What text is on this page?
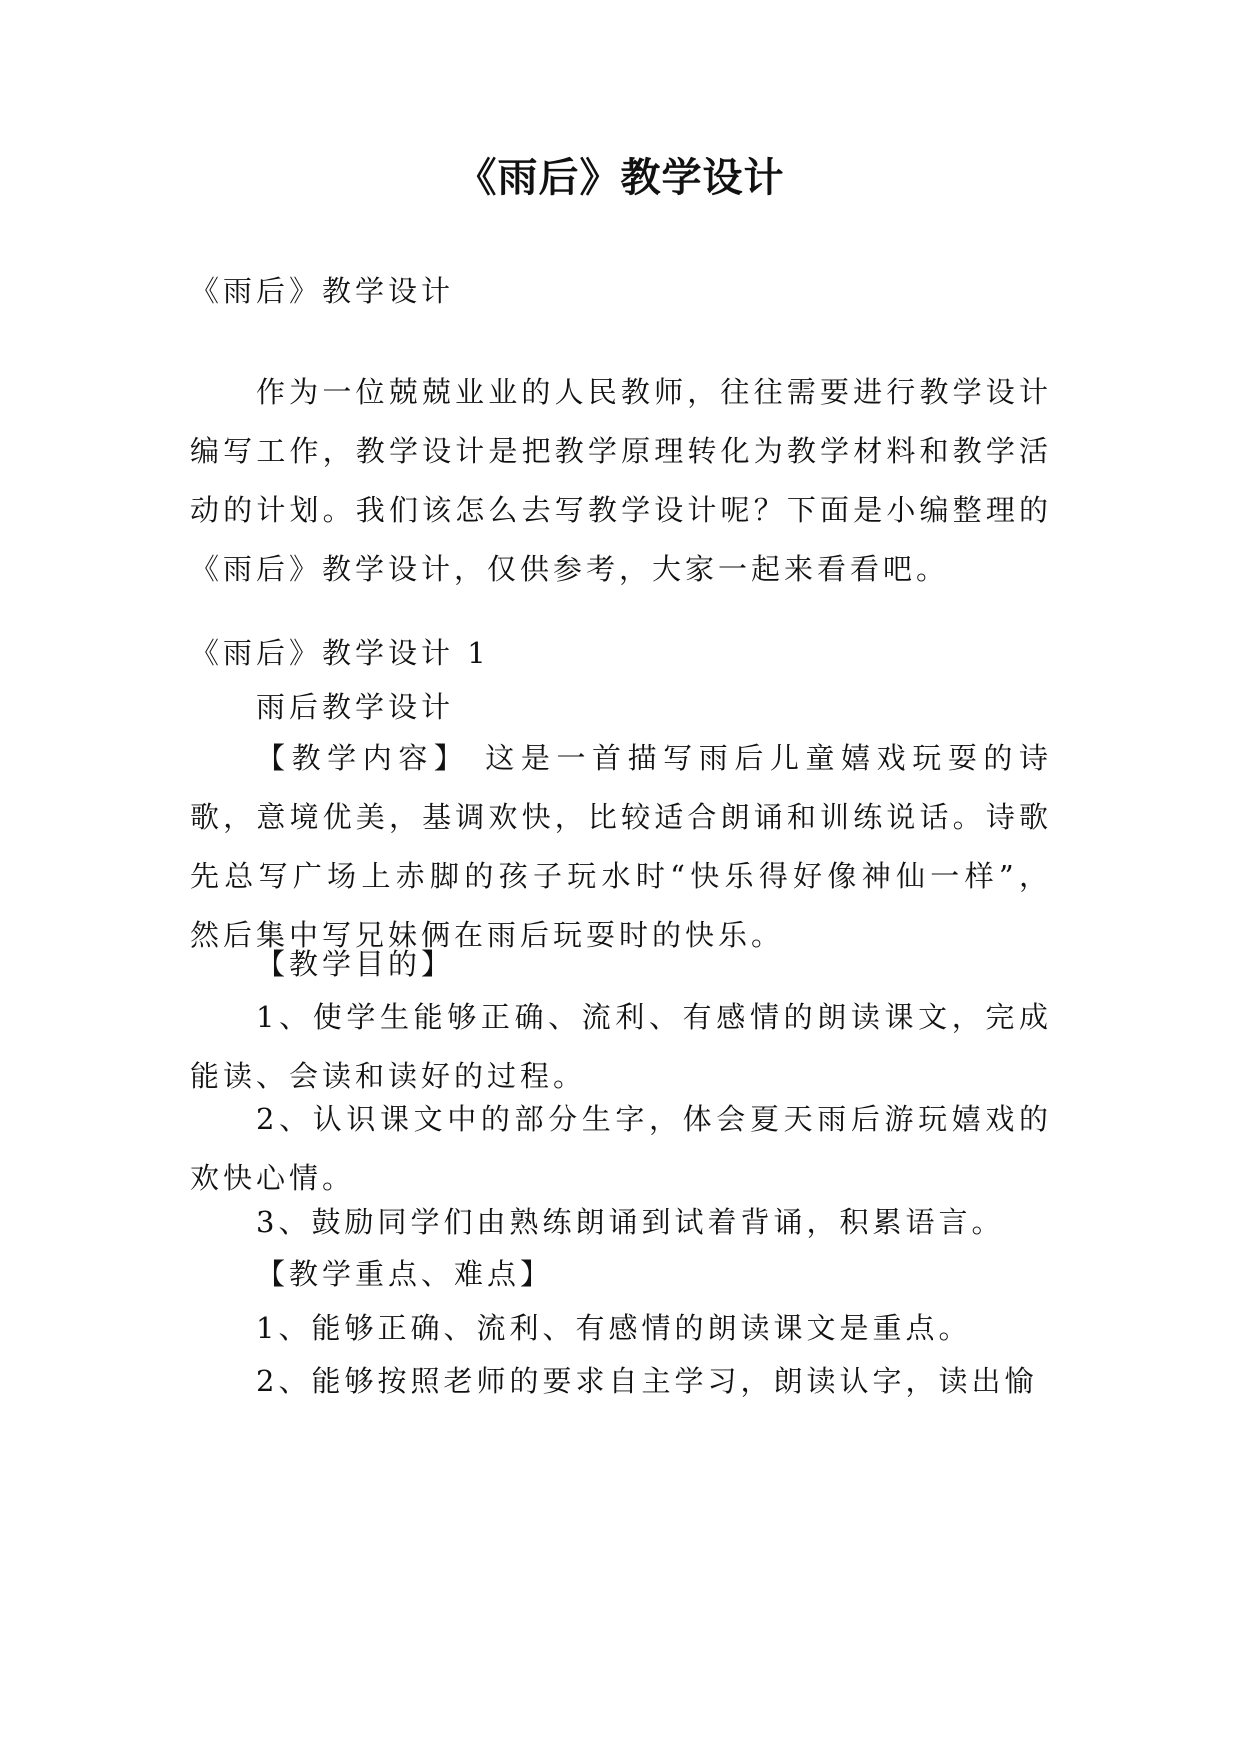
《雨后》教学设计
《雨后》教学设计
作为一位兢兢业业的人民教师，往往需要进行教学设计编写工作，教学设计是把教学原理转化为教学材料和教学活动的计划。我们该怎么去写教学设计呢？下面是小编整理的《雨后》教学设计，仅供参考，大家一起来看看吧。
《雨后》教学设计 1
雨后教学设计
【教学内容】 这是一首描写雨后儿童嬉戏玩耍的诗歌，意境优美，基调欢快，比较适合朗诵和训练说话。诗歌先总写广场上赤脚的孩子玩水时“快乐得好像神仙一样”，然后集中写兄妹俩在雨后玩耍时的快乐。
【教学目的】
1、使学生能够正确、流利、有感情的朗读课文，完成能读、会读和读好的过程。
2、认识课文中的部分生字，体会夏天雨后游玩嬉戏的欢快心情。
3、鼓励同学们由熟练朗诵到试着背诵，积累语言。
【教学重点、难点】
1、能够正确、流利、有感情的朗读课文是重点。
2、能够按照老师的要求自主学习，朗读认字，读出愉
